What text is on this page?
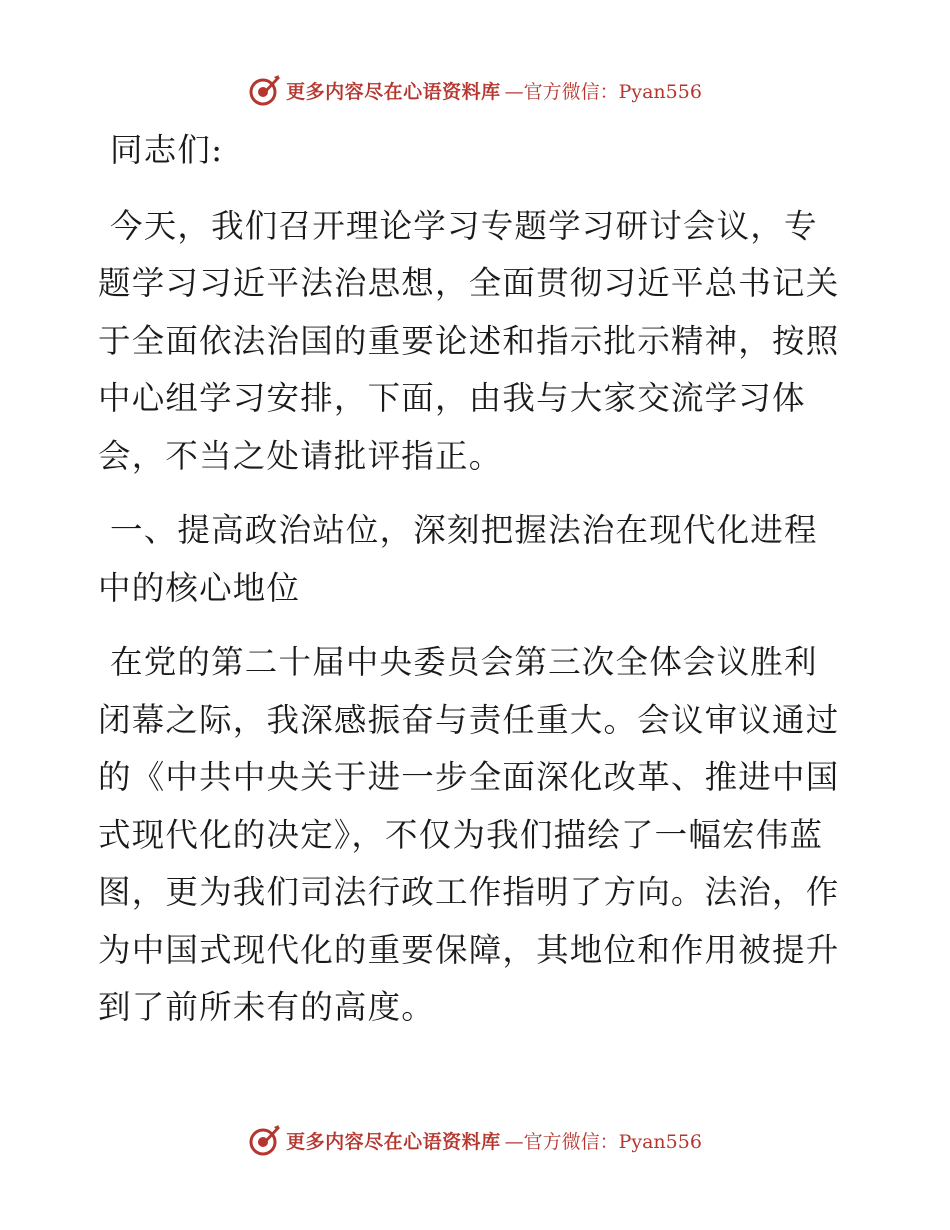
更多内容尽在心语资料库 —官方微信：Pyan556

同志们:

今天，我们召开理论学习专题学习研讨会议，专题学习习近平法治思想，全面贯彻习近平总书记关于全面依法治国的重要论述和指示批示精神，按照中心组学习安排，下面，由我与大家交流学习体会，不当之处请批评指正。

一、提高政治站位，深刻把握法治在现代化进程中的核心地位

在党的第二十届中央委员会第三次全体会议胜利闭幕之际，我深感振奋与责任重大。会议审议通过的《中共中央关于进一步全面深化改革、推进中国式现代化的决定》，不仅为我们描绘了一幅宏伟蓝图，更为我们司法行政工作指明了方向。法治，作为中国式现代化的重要保障，其地位和作用被提升到了前所未有的高度。

更多内容尽在心语资料库 —官方微信：Pyan556
